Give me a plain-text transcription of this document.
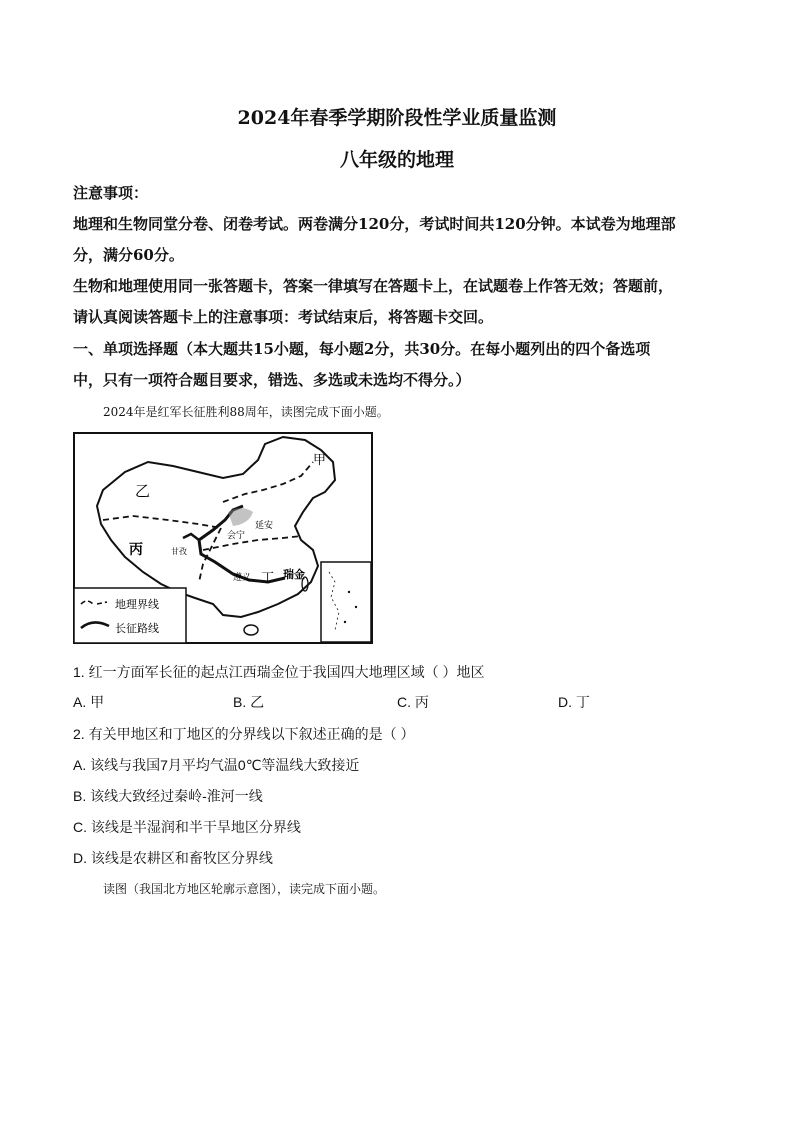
2024年春季学期阶段性学业质量监测
八年级的地理
注意事项：
地理和生物同堂分卷、闭卷考试。两卷满分120分，考试时间共120分钟。本试卷为地理部
分，满分60分。
生物和地理使用同一张答题卡，答案一律填写在答题卡上，在试题卷上作答无效；答题前，
请认真阅读答题卡上的注意事项：考试结束后，将答题卡交回。
一、单项选择题（本大题共15小题，每小题2分，共30分。在每小题列出的四个备选项
中，只有一项符合题目要求，错选、多选或未选均不得分。）
2024年是红军长征胜利88周年，读图完成下面小题。
甲
乙
丙
丁
延安
会宁
甘孜
遵义	瑞金
地理界线
长征路线
1. 红一方面军长征的起点江西瑞金位于我国四大地理区域（ ）地区
A. 甲	B. 乙	C. 丙	D. 丁
2. 有关甲地区和丁地区的分界线以下叙述正确的是（ ）
A. 该线与我国7月平均气温0℃等温线大致接近
B. 该线大致经过秦岭-淮河一线
C. 该线是半湿润和半干旱地区分界线
D. 该线是农耕区和畜牧区分界线
读图（我国北方地区轮廓示意图），读完成下面小题。
